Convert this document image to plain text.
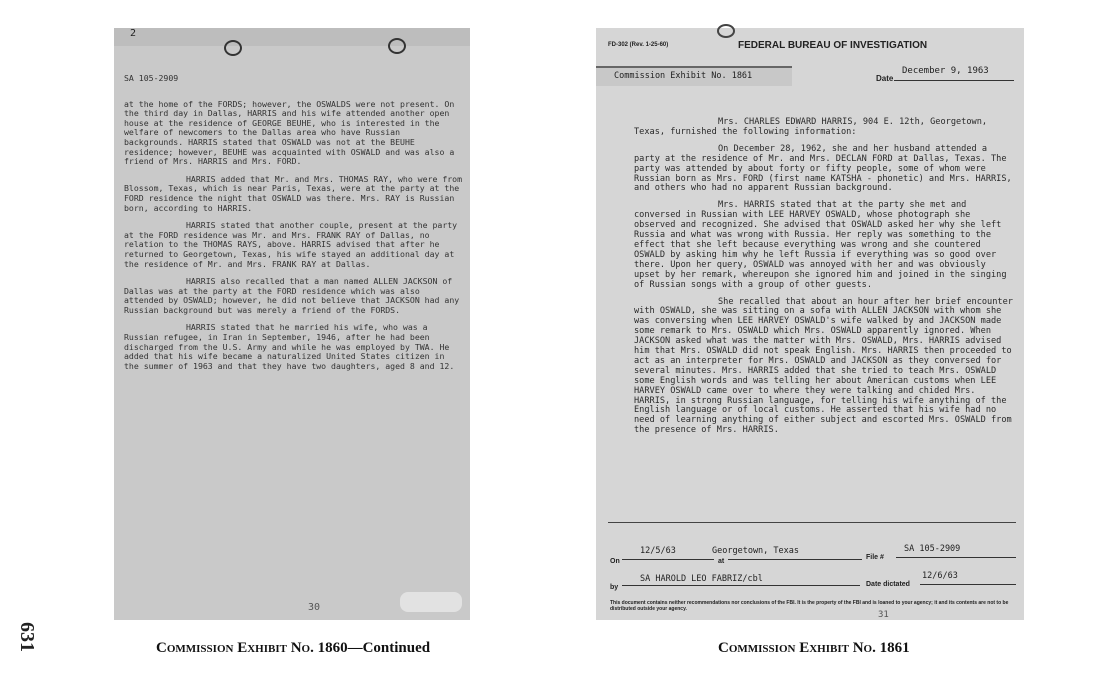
631
2
SA 105-2909

at the home of the FORDS; however, the OSWALDS were not present. On the third day in Dallas, HARRIS and his wife attended another open house at the residence of GEORGE BEUHE, who is interested in the welfare of newcomers to the Dallas area who have Russian backgrounds. HARRIS stated that OSWALD was not at the BEUHE residence; however, BEUHE was acquainted with OSWALD and was also a friend of Mrs. HARRIS and Mrs. FORD.

HARRIS added that Mr. and Mrs. THOMAS RAY, who were from Blossom, Texas, which is near Paris, Texas, were at the party at the FORD residence the night that OSWALD was there. Mrs. RAY is Russian born, according to HARRIS.

HARRIS stated that another couple, present at the party at the FORD residence was Mr. and Mrs. FRANK RAY of Dallas, no relation to the THOMAS RAYS, above. HARRIS advised that after he returned to Georgetown, Texas, his wife stayed an additional day at the residence of Mr. and Mrs. FRANK RAY at Dallas.

HARRIS also recalled that a man named ALLEN JACKSON of Dallas was at the party at the FORD residence which was also attended by OSWALD; however, he did not believe that JACKSON had any Russian background but was merely a friend of the FORDS.

HARRIS stated that he married his wife, who was a Russian refugee, in Iran in September, 1946, after he had been discharged from the U.S. Army and while he was employed by TWA. He added that his wife became a naturalized United States citizen in the summer of 1963 and that they have two daughters, aged 8 and 12.

30
Commission Exhibit No. 1860—Continued
FD-302 (Rev. 1-25-60)	FEDERAL BUREAU OF INVESTIGATION
Commission Exhibit No. 1861	December 9, 1963
Date

Mrs. CHARLES EDWARD HARRIS, 904 E. 12th, Georgetown, Texas, furnished the following information:

On December 28, 1962, she and her husband attended a party at the residence of Mr. and Mrs. DECLAN FORD at Dallas, Texas. The party was attended by about forty or fifty people, some of whom were Russian born as Mrs. FORD (first name KATSHA - phonetic) and Mrs. HARRIS, and others who had no apparent Russian background.

Mrs. HARRIS stated that at the party she met and conversed in Russian with LEE HARVEY OSWALD, whose photograph she observed and recognized. She advised that OSWALD asked her why she left Russia and what was wrong with Russia. Her reply was something to the effect that she left because everything was wrong and she countered OSWALD by asking him why he left Russia if everything was so good over there. Upon her query, OSWALD was annoyed with her and was obviously upset by her remark, whereupon she ignored him and joined in the singing of Russian songs with a group of other guests.

She recalled that about an hour after her brief encounter with OSWALD, she was sitting on a sofa with ALLEN JACKSON with whom she was conversing when LEE HARVEY OSWALD's wife walked by and JACKSON made some remark to Mrs. OSWALD which Mrs. OSWALD apparently ignored. When JACKSON asked what was the matter with Mrs. OSWALD, Mrs. HARRIS advised him that Mrs. OSWALD did not speak English. Mrs. HARRIS then proceeded to act as an interpreter for Mrs. OSWALD and JACKSON as they conversed for several minutes. Mrs. HARRIS added that she tried to teach Mrs. OSWALD some English words and was telling her about American customs when LEE HARVEY OSWALD came over to where they were talking and chided Mrs. HARRIS, in strong Russian language, for telling his wife anything of the English language or of local customs. He asserted that his wife had no need of learning anything of either subject and escorted Mrs. OSWALD from the presence of Mrs. HARRIS.

On
12/5/63
at
Georgetown, Texas
File #
SA 105-2909
by
SA HAROLD LEO FABRIZ/cbl
Date dictated
12/6/63
This document contains neither recommendations nor conclusions of the FBI. It is the property of the FBI and is loaned to your agency; it and its contents are not to be distributed outside your agency.
31
Commission Exhibit No. 1861
